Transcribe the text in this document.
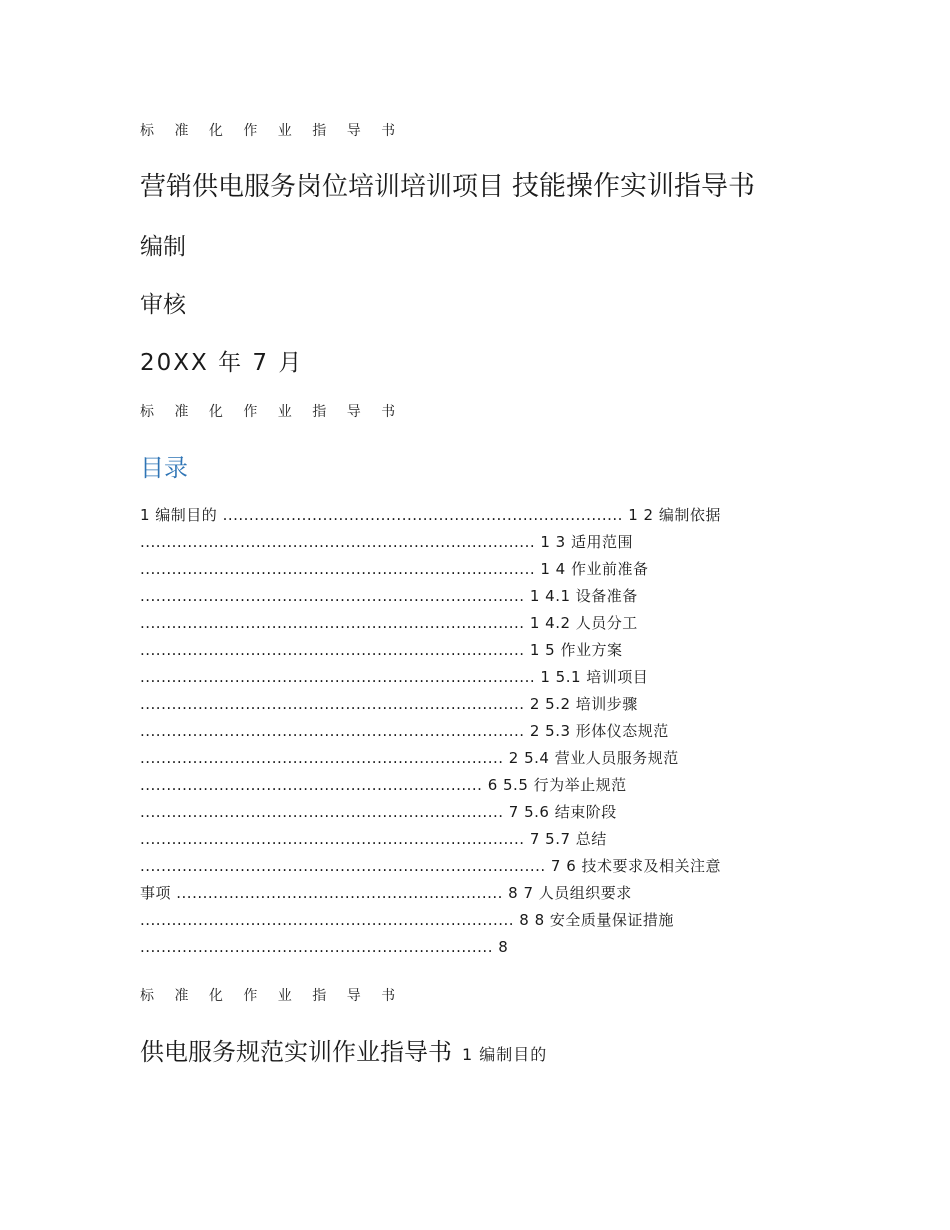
标 准 化 作 业 指 导 书
营销供电服务岗位培训培训项目 技能操作实训指导书
编制
审核
20XX 年 7 月
标 准 化 作 业 指 导 书
目录
1 编制目的 ............................................................................ 1 2 编制依据
........................................................................... 1 3 适用范围
........................................................................... 1 4 作业前准备
......................................................................... 1 4.1 设备准备
......................................................................... 1 4.2 人员分工
......................................................................... 1 5 作业方案
........................................................................... 1 5.1 培训项目
......................................................................... 2 5.2 培训步骤
......................................................................... 2 5.3 形体仪态规范
..................................................................... 2 5.4 营业人员服务规范
................................................................. 6 5.5 行为举止规范
..................................................................... 7 5.6 结束阶段
......................................................................... 7 5.7 总结
............................................................................. 7 6 技术要求及相关注意
事项 .............................................................. 8 7 人员组织要求
....................................................................... 8 8 安全质量保证措施
................................................................... 8
标 准 化 作 业 指 导 书
供电服务规范实训作业指导书 1 编制目的
